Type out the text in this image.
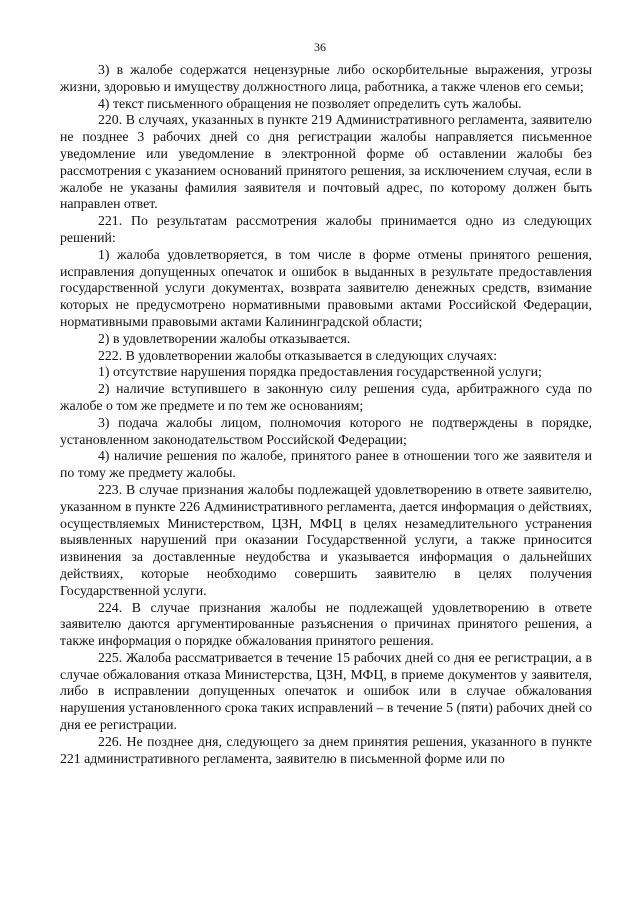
36

3) в жалобе содержатся нецензурные либо оскорбительные выражения, угрозы жизни, здоровью и имуществу должностного лица, работника, а также членов его семьи;

4) текст письменного обращения не позволяет определить суть жалобы.

220. В случаях, указанных в пункте 219 Административного регламента, заявителю не позднее 3 рабочих дней со дня регистрации жалобы направляется письменное уведомление или уведомление в электронной форме об оставлении жалобы без рассмотрения с указанием оснований принятого решения, за исключением случая, если в жалобе не указаны фамилия заявителя и почтовый адрес, по которому должен быть направлен ответ.

221. По результатам рассмотрения жалобы принимается одно из следующих решений:

1) жалоба удовлетворяется, в том числе в форме отмены принятого решения, исправления допущенных опечаток и ошибок в выданных в результате предоставления государственной услуги документах, возврата заявителю денежных средств, взимание которых не предусмотрено нормативными правовыми актами Российской Федерации, нормативными правовыми актами Калининградской области;

2) в удовлетворении жалобы отказывается.

222. В удовлетворении жалобы отказывается в следующих случаях:

1) отсутствие нарушения порядка предоставления государственной услуги;

2) наличие вступившего в законную силу решения суда, арбитражного суда по жалобе о том же предмете и по тем же основаниям;

3) подача жалобы лицом, полномочия которого не подтверждены в порядке, установленном законодательством Российской Федерации;

4) наличие решения по жалобе, принятого ранее в отношении того же заявителя и по тому же предмету жалобы.

223. В случае признания жалобы подлежащей удовлетворению в ответе заявителю, указанном в пункте 226 Административного регламента, дается информация о действиях, осуществляемых Министерством, ЦЗН, МФЦ в целях незамедлительного устранения выявленных нарушений при оказании Государственной услуги, а также приносится извинения за доставленные неудобства и указывается информация о дальнейших действиях, которые необходимо совершить заявителю в целях получения Государственной услуги.

224. В случае признания жалобы не подлежащей удовлетворению в ответе заявителю даются аргументированные разъяснения о причинах принятого решения, а также информация о порядке обжалования принятого решения.

225. Жалоба рассматривается в течение 15 рабочих дней со дня ее регистрации, а в случае обжалования отказа Министерства, ЦЗН, МФЦ, в приеме документов у заявителя, либо в исправлении допущенных опечаток и ошибок или в случае обжалования нарушения установленного срока таких исправлений – в течение 5 (пяти) рабочих дней со дня ее регистрации.

226. Не позднее дня, следующего за днем принятия решения, указанного в пункте 221 административного регламента, заявителю в письменной форме или по
